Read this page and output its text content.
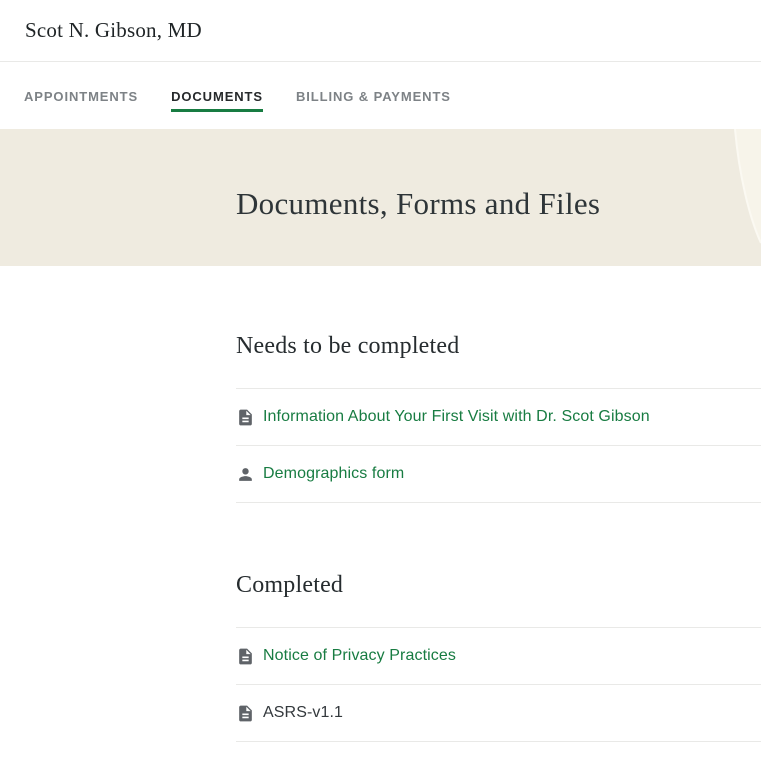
Scot N. Gibson, MD
APPOINTMENTS	DOCUMENTS	BILLING & PAYMENTS
Documents, Forms and Files
Needs to be completed
Information About Your First Visit with Dr. Scot Gibson
Demographics form
Completed
Notice of Privacy Practices
ASRS-v1.1
